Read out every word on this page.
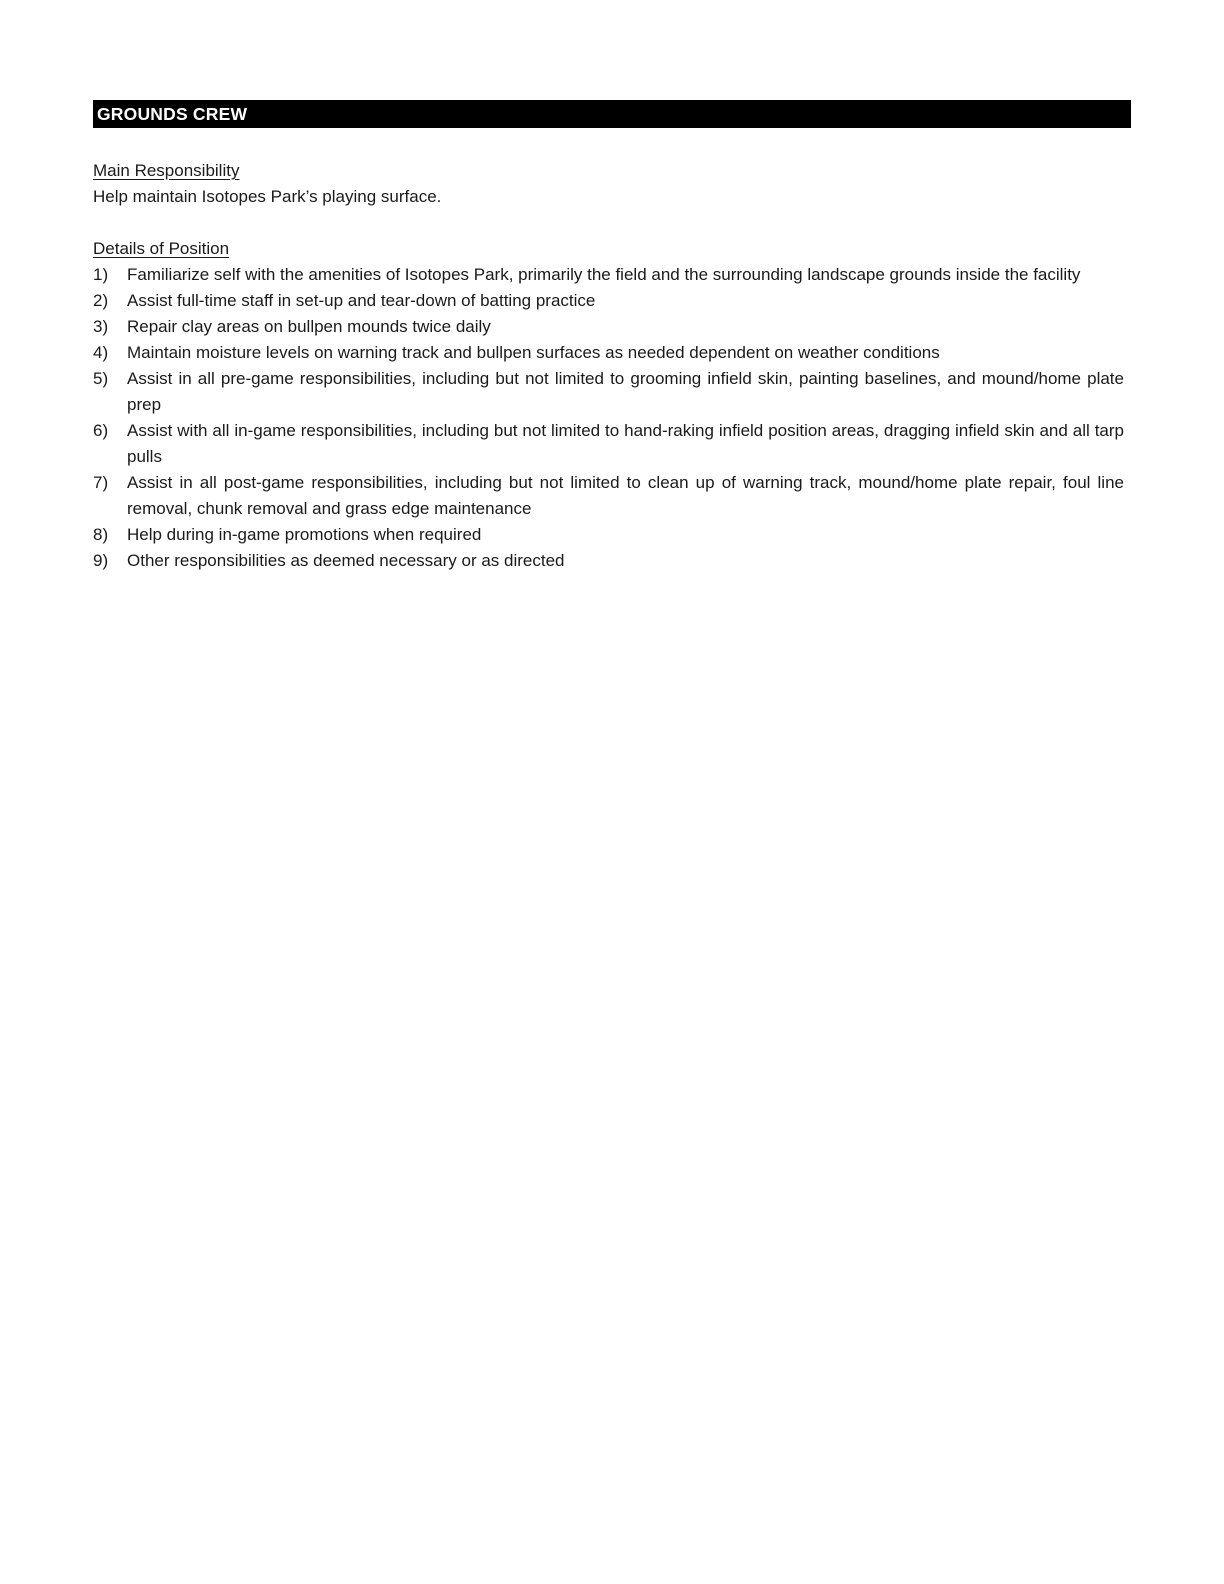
GROUNDS CREW
Main Responsibility
Help maintain Isotopes Park’s playing surface.
Details of Position
1)	Familiarize self with the amenities of Isotopes Park, primarily the field and the surrounding landscape grounds inside the facility
2)	Assist full-time staff in set-up and tear-down of batting practice
3)	Repair clay areas on bullpen mounds twice daily
4)	Maintain moisture levels on warning track and bullpen surfaces as needed dependent on weather conditions
5)	Assist in all pre-game responsibilities, including but not limited to grooming infield skin, painting baselines, and mound/home plate prep
6)	Assist with all in-game responsibilities, including but not limited to hand-raking infield position areas, dragging infield skin and all tarp pulls
7)	Assist in all post-game responsibilities, including but not limited to clean up of warning track, mound/home plate repair, foul line removal, chunk removal and grass edge maintenance
8)	Help during in-game promotions when required
9)	Other responsibilities as deemed necessary or as directed
